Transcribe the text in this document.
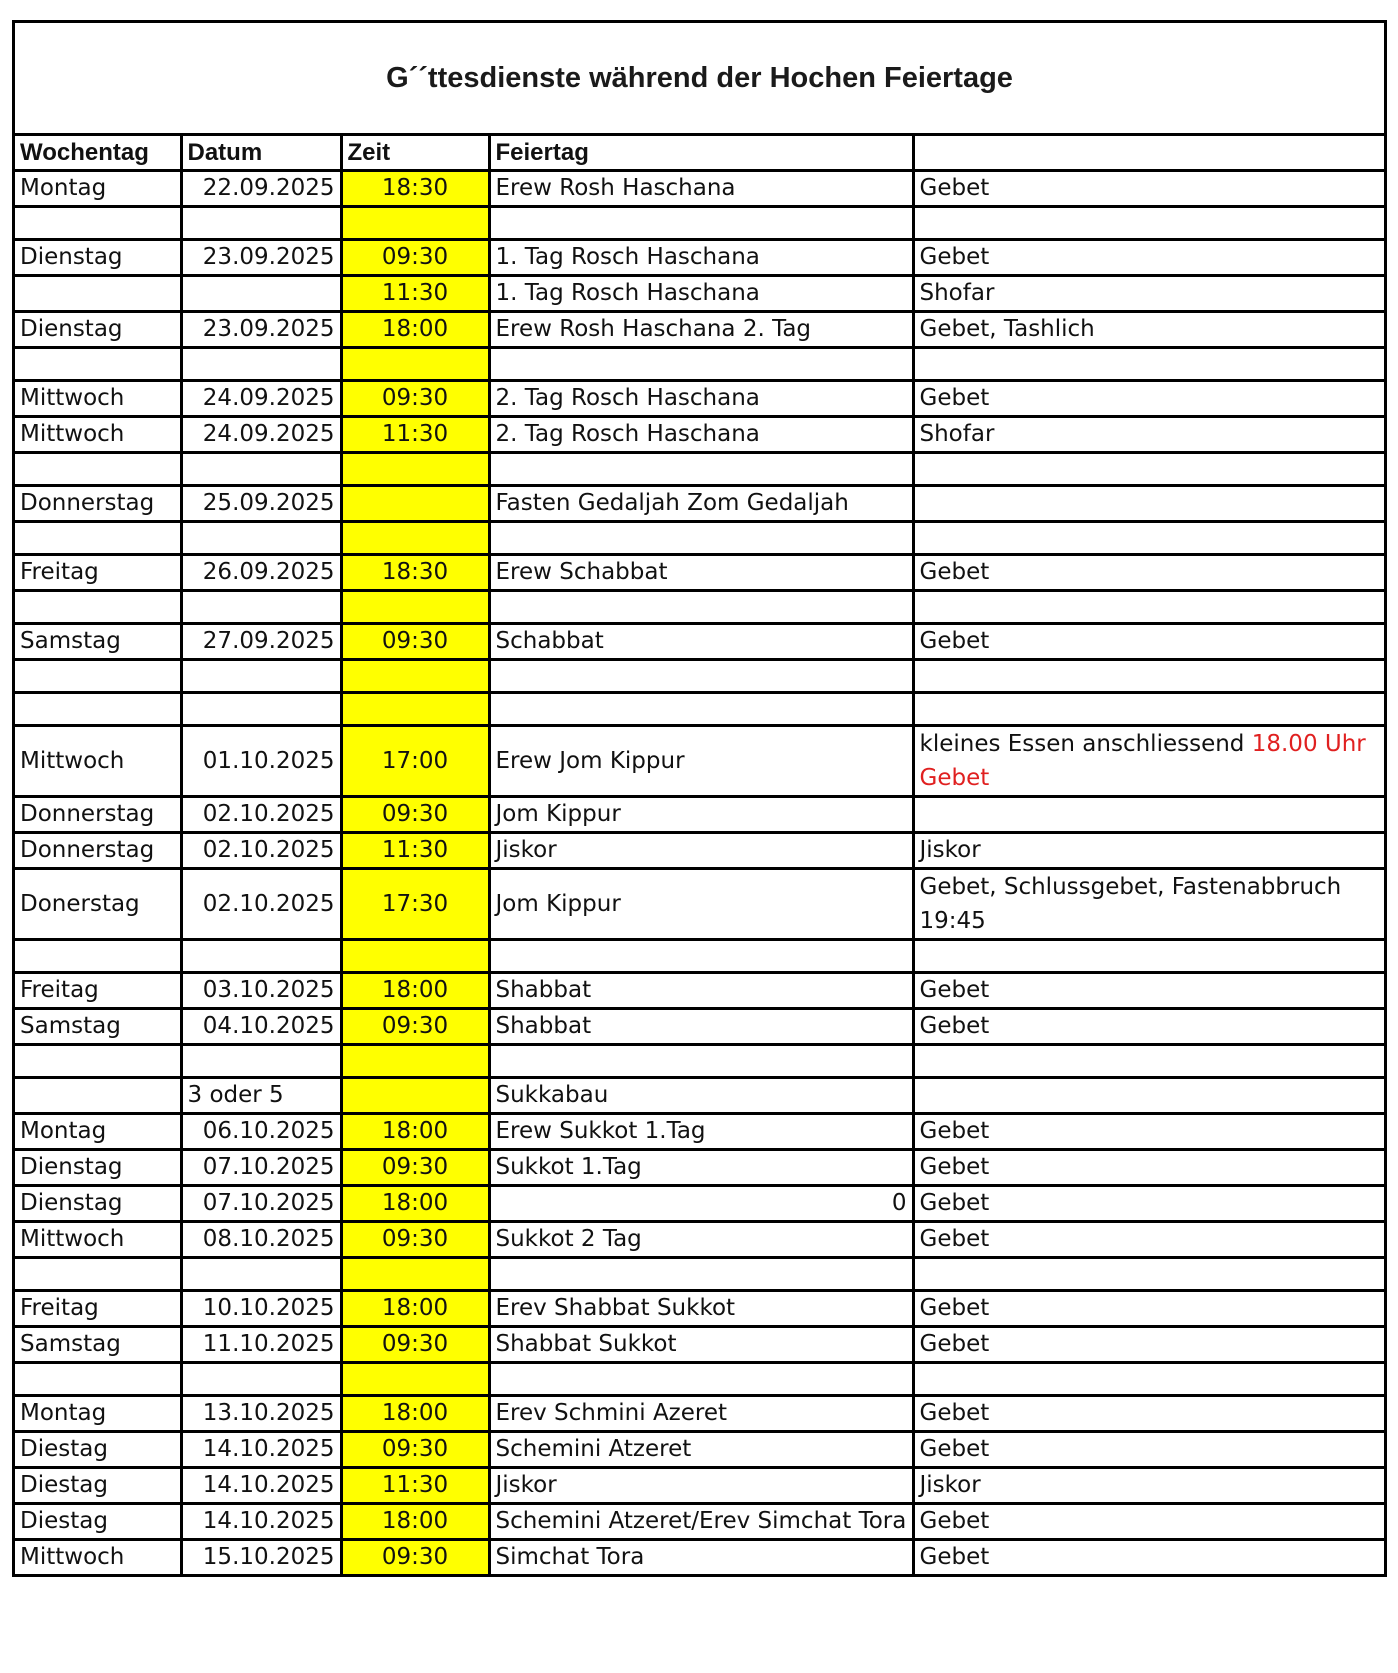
G´´ttesdienste während der Hochen Feiertage
Wochentag	Datum	Zeit	Feiertag	
Montag	22.09.2025	18:30	Erew Rosh Haschana	Gebet

Dienstag	23.09.2025	09:30	1. Tag Rosch Haschana	Gebet
		11:30	1. Tag Rosch Haschana	Shofar
Dienstag	23.09.2025	18:00	Erew Rosh Haschana 2. Tag	Gebet, Tashlich

Mittwoch	24.09.2025	09:30	2. Tag Rosch Haschana	Gebet
Mittwoch	24.09.2025	11:30	2. Tag Rosch Haschana	Shofar

Donnerstag	25.09.2025		Fasten Gedaljah Zom Gedaljah	

Freitag	26.09.2025	18:30	Erew Schabbat	Gebet

Samstag	27.09.2025	09:30	Schabbat	Gebet

Mittwoch	01.10.2025	17:00	Erew Jom Kippur	kleines Essen anschliessend 18.00 Uhr Gebet
Donnerstag	02.10.2025	09:30	Jom Kippur	
Donnerstag	02.10.2025	11:30	Jiskor	Jiskor
Donerstag	02.10.2025	17:30	Jom Kippur	Gebet, Schlussgebet, Fastenabbruch 19:45

Freitag	03.10.2025	18:00	Shabbat	Gebet
Samstag	04.10.2025	09:30	Shabbat	Gebet

	3 oder 5		Sukkabau	
Montag	06.10.2025	18:00	Erew Sukkot 1.Tag	Gebet
Dienstag	07.10.2025	09:30	Sukkot 1.Tag	Gebet
Dienstag	07.10.2025	18:00	0	Gebet
Mittwoch	08.10.2025	09:30	Sukkot 2 Tag	Gebet

Freitag	10.10.2025	18:00	Erev Shabbat Sukkot	Gebet
Samstag	11.10.2025	09:30	Shabbat Sukkot	Gebet

Montag	13.10.2025	18:00	Erev Schmini Azeret	Gebet
Diestag	14.10.2025	09:30	Schemini Atzeret	Gebet
Diestag	14.10.2025	11:30	Jiskor	Jiskor
Diestag	14.10.2025	18:00	Schemini Atzeret/Erev Simchat Tora	Gebet
Mittwoch	15.10.2025	09:30	Simchat Tora	Gebet
